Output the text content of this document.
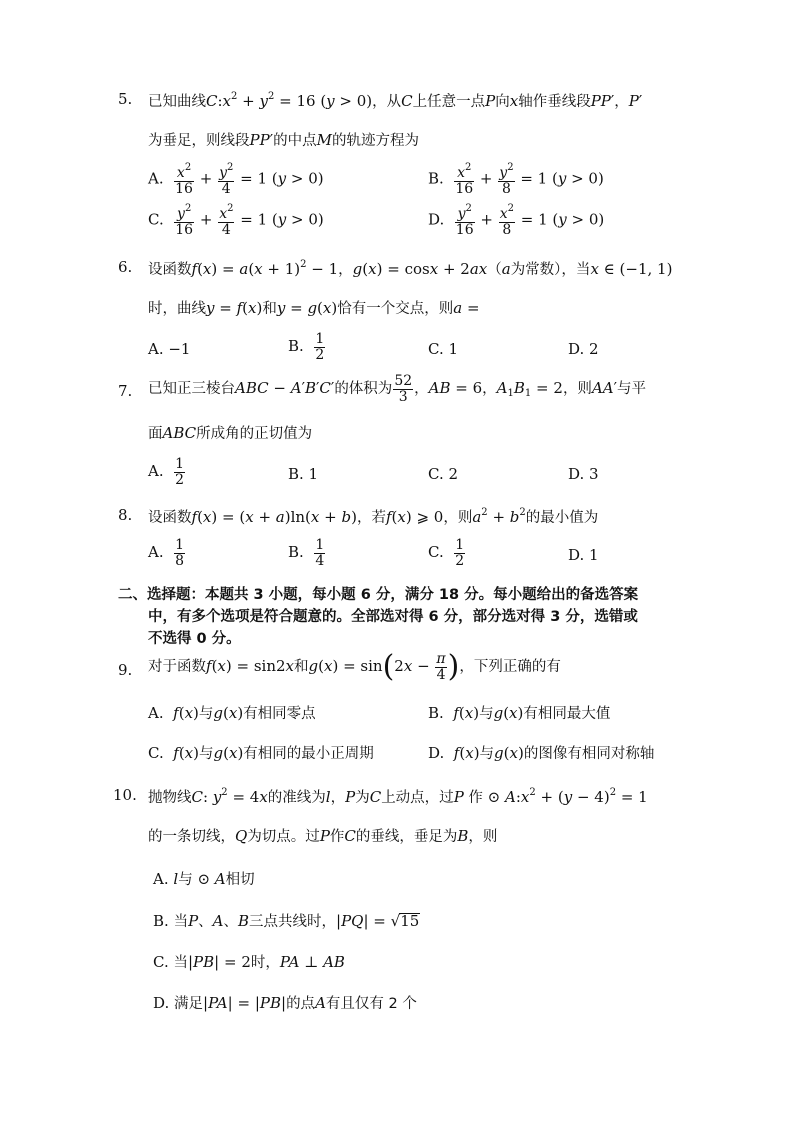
5. 已知曲线$C:x^2 + y^2 = 16$ (y > 0)，从C上任意一点P向x轴作垂线段PP′，P′
为垂足，则线段PP′的中点M的轨迹方程为
A. $\frac{x^2}{16} + \frac{y^2}{4} = 1$ (y > 0)	B. $\frac{x^2}{16} + \frac{y^2}{8} = 1$ (y > 0)
C. $\frac{y^2}{16} + \frac{x^2}{4} = 1$ (y > 0)	D. $\frac{y^2}{16} + \frac{x^2}{8} = 1$ (y > 0)
6. 设函数$f(x) = a(x + 1)^2 - 1$，g(x) = cosx + 2ax（a为常数），当x ∈ (−1, 1)
时，曲线y = f(x)和y = g(x)恰有一个交点，则a =
A. −1	B. $\frac{1}{2}$	C. 1	D. 2
7. 已知正三棱台ABC − A′B′C′的体积为 $\frac{52}{3}$ ，AB = 6，$A_1B_1 = 2$，则AA′与平
面ABC所成角的正切值为
A. $\frac{1}{2}$	B. 1	C. 2	D. 3
8. 设函数f(x) = (x + a)ln(x + b)，若f(x) ⩾ 0，则$a^2 + b^2$的最小值为
A. $\frac{1}{8}$	B. $\frac{1}{4}$	C. $\frac{1}{2}$	D. 1
二、选择题：本题共 3 小题，每小题 6 分，满分 18 分。每小题给出的备选答案
中，有多个选项是符合题意的。全部选对得 6 分，部分选对得 3 分，选错或
不选得 0 分。
9. 对于函数f(x) = sin2x和$g(x) = \sin(2x - \frac{\pi}{4}$ )，下列正确的有
A.  f(x)与g(x)有相同零点	B.  f(x)与g(x)有相同最大值
C.  f(x)与g(x)有相同的最小正周期	D.  f(x)与g(x)的图像有相同对称轴
10. 抛物线C: $y^2 = 4x$的准线为l，P为C上动点，过P 作 ⊙ $A:x^2 + (y - 4)^2 = 1$
的一条切线，Q为切点。过P作C的垂线，垂足为B，则
A. l与 ⊙ A相切
B. 当P、A、B三点共线时，|PQ| = √15
C. 当|PB| = 2时，PA ⊥ AB
D. 满足|PA| = |PB|的点A有且仅有 2 个
